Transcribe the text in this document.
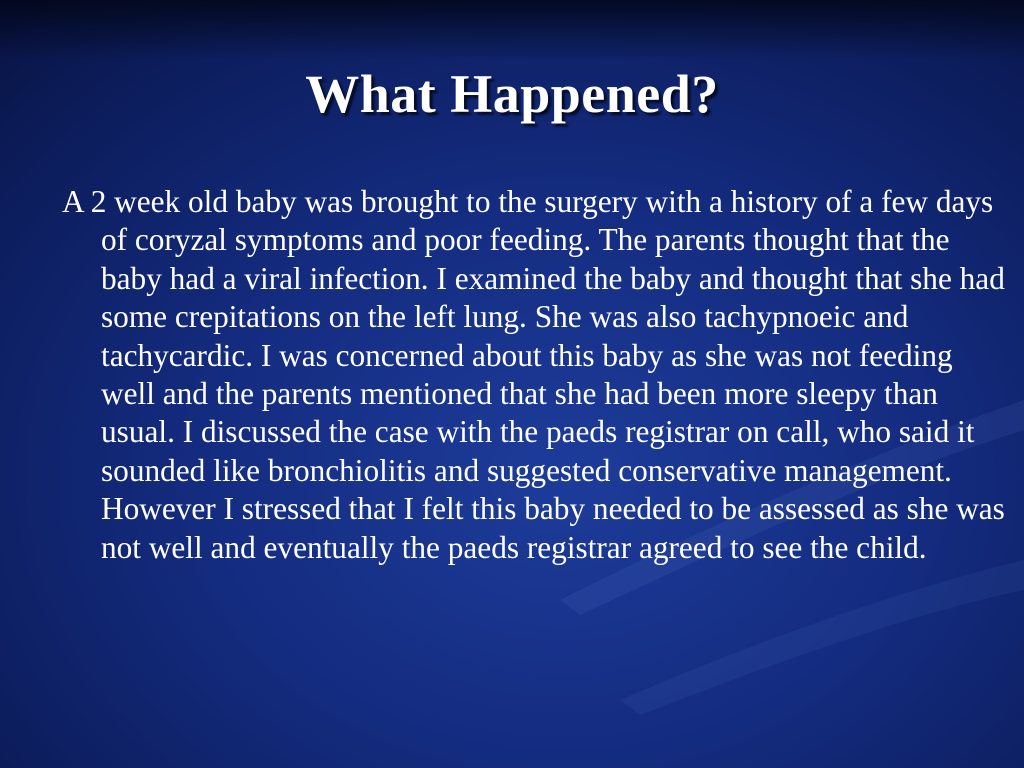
What Happened?

A 2 week old baby was brought to the surgery with a history of a few days of coryzal symptoms and poor feeding. The parents thought that the baby had a viral infection. I examined the baby and thought that she had some crepitations on the left lung. She was also tachypnoeic and tachycardic. I was concerned about this baby as she was not feeding well and the parents mentioned that she had been more sleepy than usual. I discussed the case with the paeds registrar on call, who said it sounded like bronchiolitis and suggested conservative management. However I stressed that I felt this baby needed to be assessed as she was not well and eventually the paeds registrar agreed to see the child.
